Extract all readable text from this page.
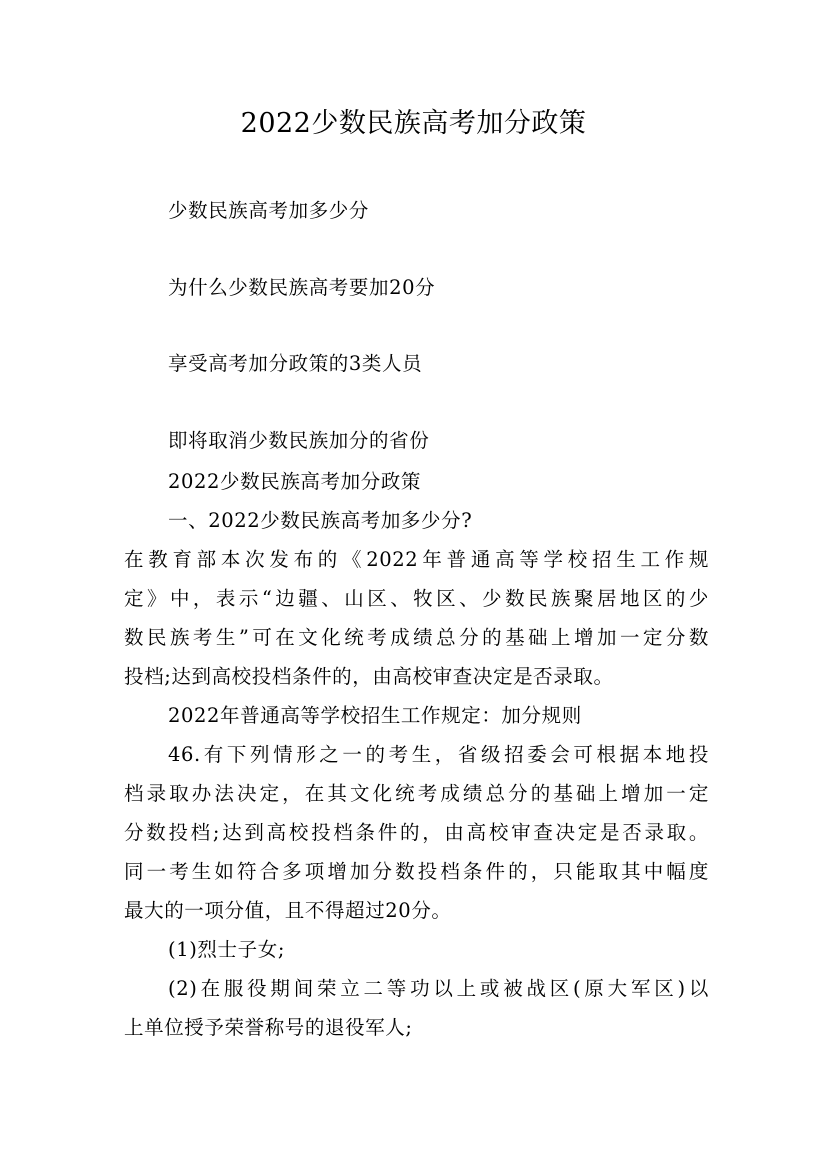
2022少数民族高考加分政策
少数民族高考加多少分
为什么少数民族高考要加20分
享受高考加分政策的3类人员
即将取消少数民族加分的省份
2022少数民族高考加分政策
一、2022少数民族高考加多少分?
在教育部本次发布的《2022年普通高等学校招生工作规
定》中，表示“边疆、山区、牧区、少数民族聚居地区的少
数民族考生”可在文化统考成绩总分的基础上增加一定分数
投档;达到高校投档条件的，由高校审查决定是否录取。
2022年普通高等学校招生工作规定：加分规则
46.有下列情形之一的考生，省级招委会可根据本地投
档录取办法决定，在其文化统考成绩总分的基础上增加一定
分数投档;达到高校投档条件的，由高校审查决定是否录取。
同一考生如符合多项增加分数投档条件的，只能取其中幅度
最大的一项分值，且不得超过20分。
(1)烈士子女;
(2)在服役期间荣立二等功以上或被战区(原大军区)以
上单位授予荣誉称号的退役军人;
